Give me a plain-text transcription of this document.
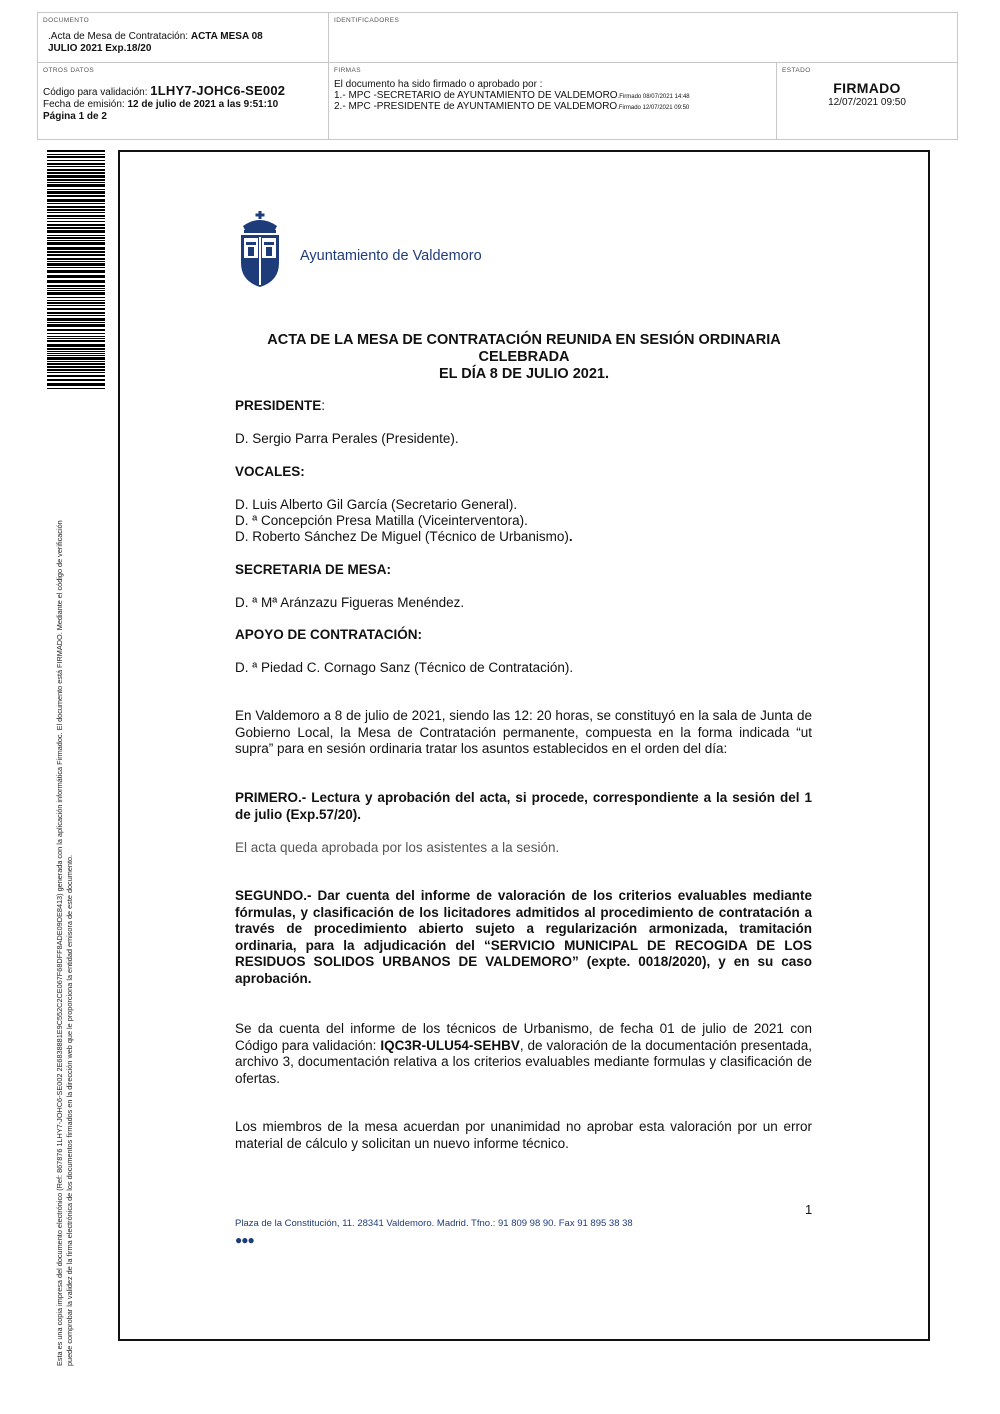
DOCUMENTO
.Acta de Mesa de Contratación: ACTA MESA 08
JULIO 2021 Exp.18/20
IDENTIFICADORES
OTROS DATOS
Código para validación: 1LHY7-JOHC6-SE002
Fecha de emisión: 12 de julio de 2021 a las 9:51:10
Página 1 de 2
FIRMAS
El documento ha sido firmado o aprobado por :
1.- MPC -SECRETARIO de AYUNTAMIENTO DE VALDEMORO.Firmado 08/07/2021 14:48
2.- MPC -PRESIDENTE de AYUNTAMIENTO DE VALDEMORO.Firmado 12/07/2021 09:50
ESTADO
FIRMADO
12/07/2021 09:50
Esta es una copia impresa del documento electrónico (Ref: 867876 1LHY7-JOHC6-SE002 2E6838881E9C552C2CE067F68DFF8ADE09DE8413) generada con la aplicación informática Firmadoc. El documento está FIRMADO. Mediante el código de verificación puede comprobar la validez de la firma electrónica de los documentos firmados en la dirección web que le proporciona la entidad emisora de este documento.
Ayuntamiento de Valdemoro
ACTA DE LA MESA DE CONTRATACIÓN REUNIDA EN SESIÓN ORDINARIA CELEBRADA
EL DÍA 8 DE JULIO 2021.
PRESIDENTE:
D. Sergio Parra Perales (Presidente).
VOCALES:
D. Luis Alberto Gil García (Secretario General).
D. ª Concepción Presa Matilla (Viceinterventora).
D. Roberto Sánchez De Miguel (Técnico de Urbanismo).
SECRETARIA DE MESA:
D. ª Mª Aránzazu Figueras Menéndez.
APOYO DE CONTRATACIÓN:
D. ª Piedad C. Cornago Sanz (Técnico de Contratación).
En Valdemoro a 8 de julio de 2021, siendo las 12: 20 horas, se constituyó en la sala de Junta de Gobierno Local, la Mesa de Contratación permanente, compuesta en la forma indicada “ut supra” para en sesión ordinaria tratar los asuntos establecidos en el orden del día:
PRIMERO.- Lectura y aprobación del acta, si procede, correspondiente a la sesión del 1 de julio (Exp.57/20).
El acta queda aprobada por los asistentes a la sesión.
SEGUNDO.- Dar cuenta del informe de valoración de los criterios evaluables mediante fórmulas, y clasificación de los licitadores admitidos al procedimiento de contratación a través de procedimiento abierto sujeto a regularización armonizada, tramitación ordinaria, para la adjudicación del “SERVICIO MUNICIPAL DE RECOGIDA DE LOS RESIDUOS SOLIDOS URBANOS DE VALDEMORO” (expte. 0018/2020), y en su caso aprobación.
Se da cuenta del informe de los técnicos de Urbanismo, de fecha 01 de julio de 2021 con Código para validación: IQC3R-ULU54-SEHBV, de valoración de la documentación presentada, archivo 3, documentación relativa a los criterios evaluables mediante formulas y clasificación de ofertas.
Los miembros de la mesa acuerdan por unanimidad no aprobar esta valoración por un error material de cálculo y solicitan un nuevo informe técnico.
1
Plaza de la Constitución, 11. 28341 Valdemoro. Madrid. Tfno.: 91 809 98 90. Fax 91 895 38 38
●●●
